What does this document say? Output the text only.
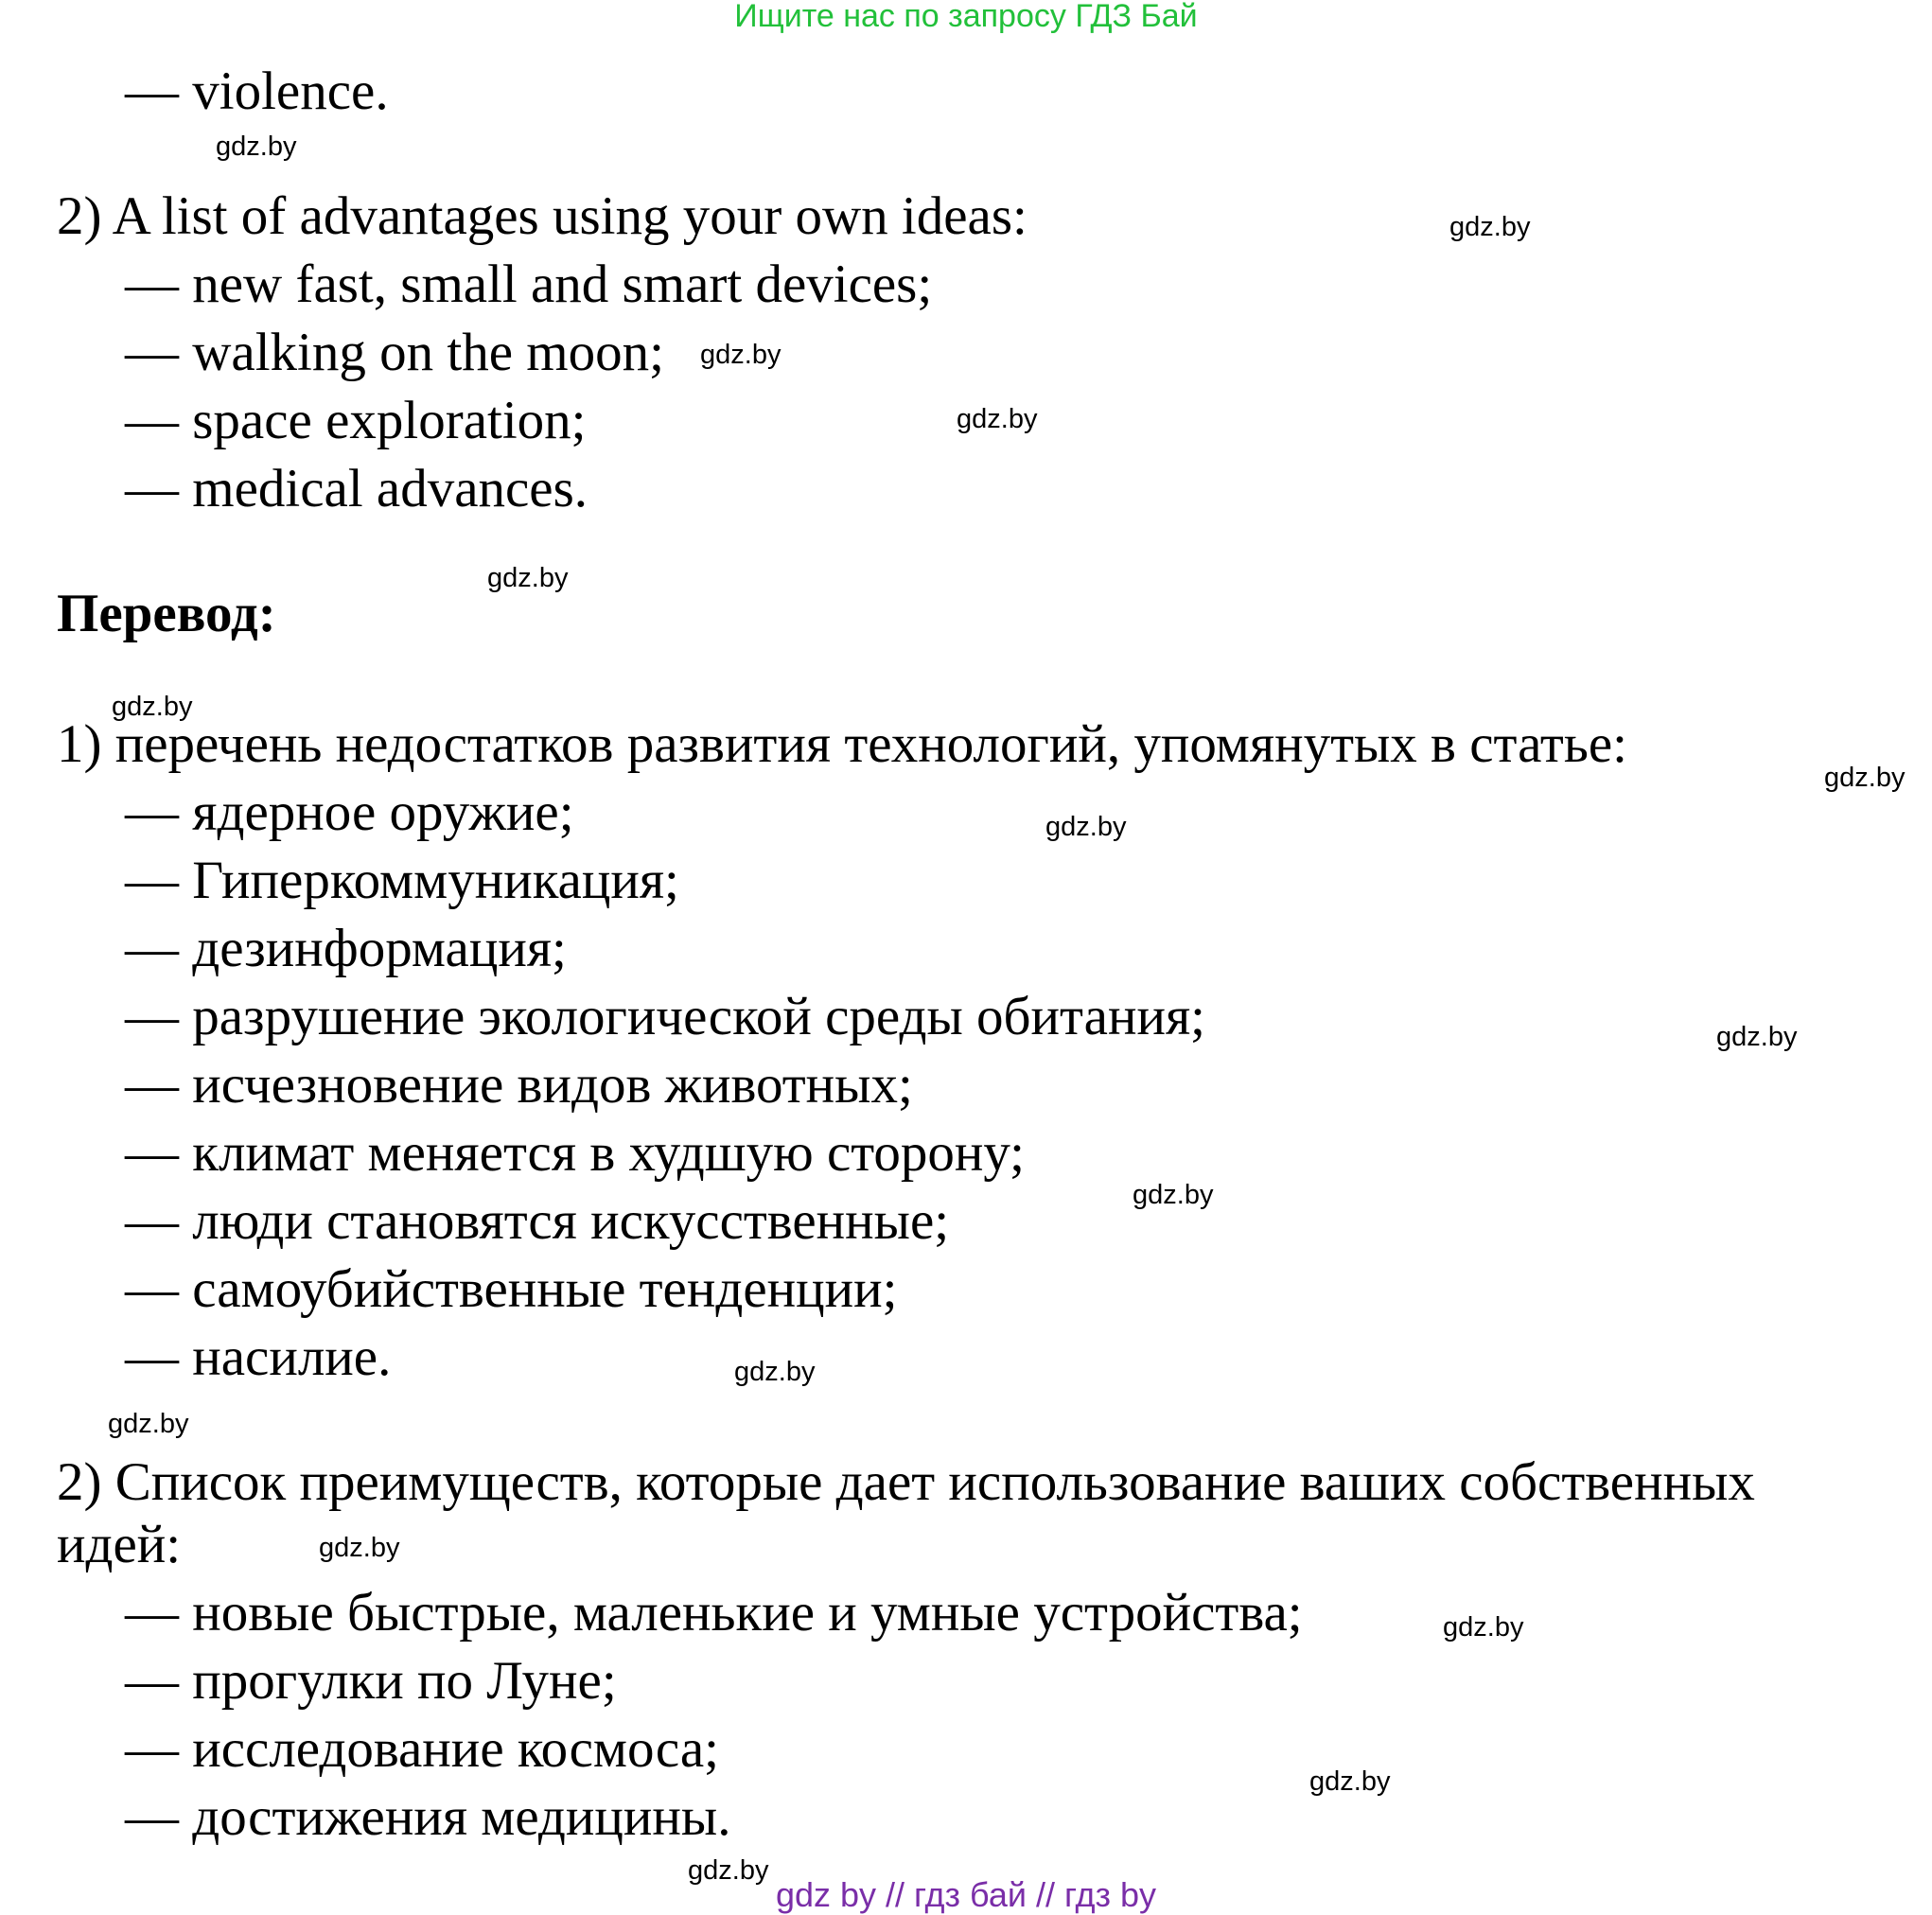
Ищите нас по запросу ГДЗ Бай
— violence.
2) A list of advantages using your own ideas:
— new fast, small and smart devices;
— walking on the moon;
— space exploration;
— medical advances.
Перевод:
1) перечень недостатков развития технологий, упомянутых в статье:
— ядерное оружие;
— Гиперкоммуникация;
— дезинформация;
— разрушение экологической среды обитания;
— исчезновение видов животных;
— климат меняется в худшую сторону;
— люди становятся искусственные;
— самоубийственные тенденции;
— насилие.
2) Список преимуществ, которые дает использование ваших собственных
идей:
— новые быстрые, маленькие и умные устройства;
— прогулки по Луне;
— исследование космоса;
— достижения медицины.
gdz.by
gdz.by
gdz.by
gdz.by
gdz.by
gdz.by
gdz.by
gdz.by
gdz.by
gdz.by
gdz.by
gdz.by
gdz.by
gdz.by
gdz.by
gdz.by
gdz by // гдз бай // гдз by
